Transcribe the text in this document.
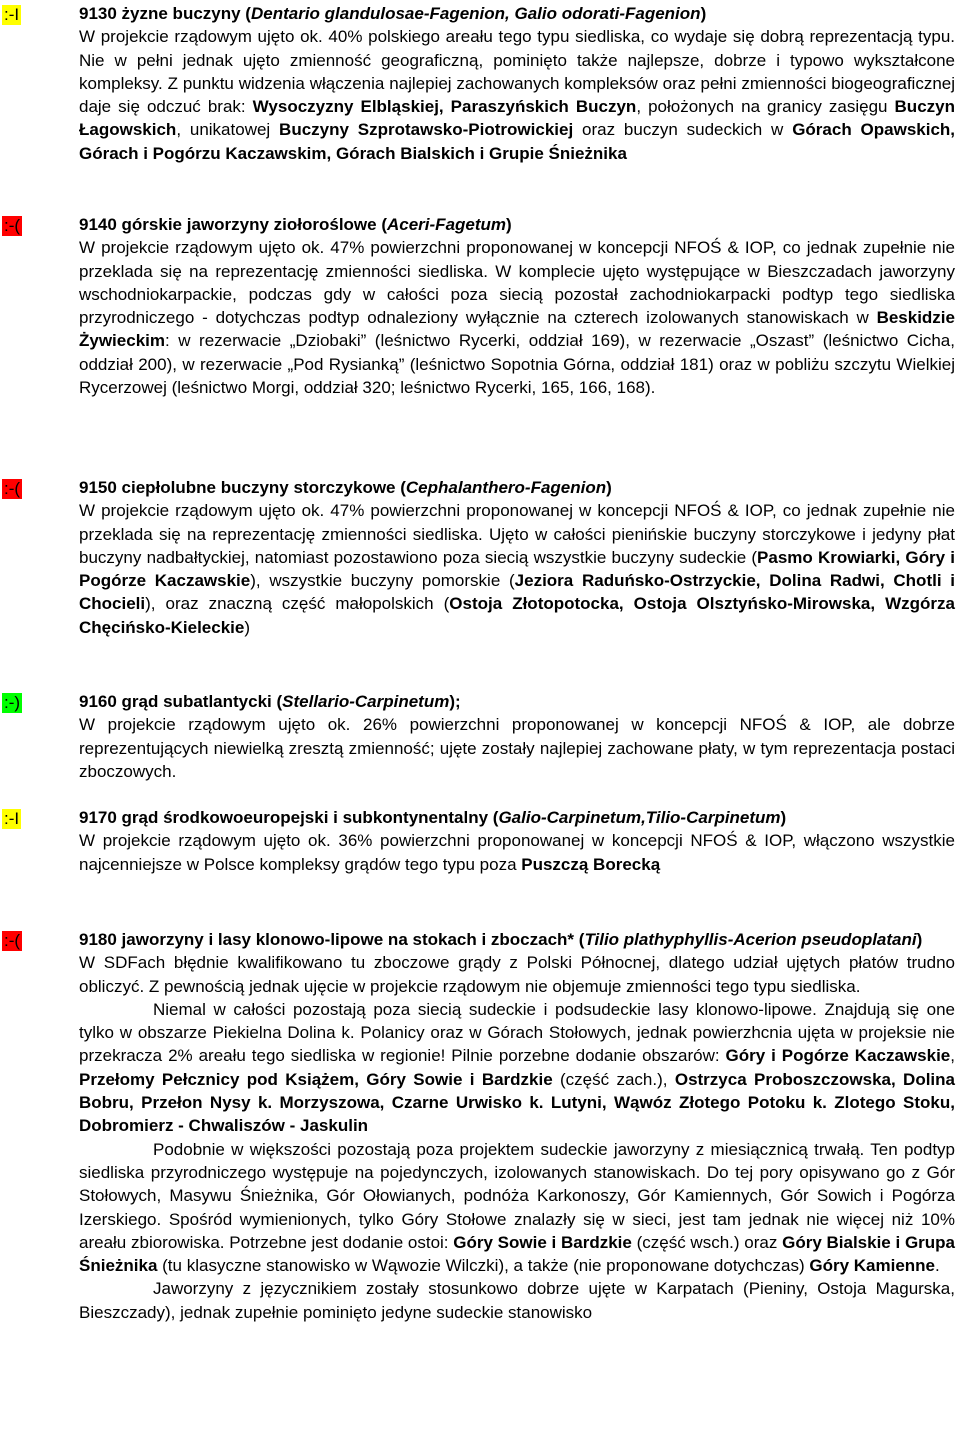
:-I	9130 żyzne buczyny (Dentario glandulosae-Fagenion, Galio odorati-Fagenion)

W projekcie rządowym ujęto ok. 40% polskiego areału tego typu siedliska, co wydaje się dobrą reprezentacją typu. Nie w pełni jednak ujęto zmienność geograficzną, pominięto także najlepsze, dobrze i typowo wykształcone kompleksy. Z punktu widzenia włączenia najlepiej zachowanych kompleksów oraz pełni zmienności biogeograficznej daje się odczuć brak: Wysoczyzny Elbląskiej, Paraszyńskich Buczyn, położonych na granicy zasięgu Buczyn Łagowskich, unikatowej Buczyny Szprotawsko-Piotrowickiej oraz buczyn sudeckich w Górach Opawskich, Górach i Pogórzu Kaczawskim, Górach Bialskich i Grupie Śnieżnika

:-(	9140 górskie jaworzyny ziołoroślowe (Aceri-Fagetum)

W projekcie rządowym ujęto ok. 47% powierzchni proponowanej w koncepcji NFOŚ & IOP, co jednak zupełnie nie przeklada się na reprezentację zmienności siedliska. W komplecie ujęto występujące w Bieszczadach jaworzyny wschodniokarpackie, podczas gdy w całości poza siecią pozostał zachodniokarpacki podtyp tego siedliska przyrodniczego - dotychczas podtyp odnaleziony wyłącznie na czterech izolowanych stanowiskach w Beskidzie Żywieckim: w rezerwacie „Dziobaki” (leśnictwo Rycerki, oddział 169), w rezerwacie „Oszast” (leśnictwo Cicha, oddział 200), w rezerwacie „Pod Rysianką” (leśnictwo Sopotnia Górna, oddział 181) oraz w pobliżu szczytu Wielkiej Rycerzowej (leśnictwo Morgi, oddział 320; leśnictwo Rycerki, 165, 166, 168).

:-(	9150 ciepłolubne buczyny storczykowe (Cephalanthero-Fagenion)

W projekcie rządowym ujęto ok. 47% powierzchni proponowanej w koncepcji NFOŚ & IOP, co jednak zupełnie nie przeklada się na reprezentację zmienności siedliska. Ujęto w całości pienińskie buczyny storczykowe i jedyny płat buczyny nadbałtyckiej, natomiast pozostawiono poza siecią wszystkie buczyny sudeckie (Pasmo Krowiarki, Góry i Pogórze Kaczawskie), wszystkie buczyny pomorskie (Jeziora Raduńsko-Ostrzyckie, Dolina Radwi, Chotli i Chocieli), oraz znaczną część małopolskich (Ostoja Złotopotocka, Ostoja Olsztyńsko-Mirowska, Wzgórza Chęcińsko-Kieleckie)

:-)	9160 grąd subatlantycki (Stellario-Carpinetum);

W projekcie rządowym ujęto ok. 26% powierzchni proponowanej w koncepcji NFOŚ & IOP, ale dobrze reprezentujących niewielką zresztą zmienność; ujęte zostały najlepiej zachowane płaty, w tym reprezentacja postaci zboczowych.

:-I	9170 grąd środkowoeuropejski i subkontynentalny (Galio-Carpinetum,Tilio-Carpinetum)

W projekcie rządowym ujęto ok. 36% powierzchni proponowanej w koncepcji NFOŚ & IOP, włączono wszystkie najcenniejsze w Polsce kompleksy grądów tego typu poza Puszczą Borecką

:-(	9180 jaworzyny i lasy klonowo-lipowe na stokach i zboczach* (Tilio plathyphyllis-Acerion pseudoplatani)

W SDFach błędnie kwalifikowano tu zboczowe grądy z Polski Północnej, dlatego udział ujętych płatów trudno obliczyć. Z pewnością jednak ujęcie w projekcie rządowym nie objemuje zmienności tego typu siedliska.

Niemal w całości pozostają poza siecią sudeckie i podsudeckie lasy klonowo-lipowe. Znajdują się one tylko w obszarze Piekielna Dolina k. Polanicy oraz w Górach Stołowych, jednak powierzhcnia ujęta w projeksie nie przekracza 2% areału tego siedliska w regionie! Pilnie porzebne dodanie obszarów: Góry i Pogórze Kaczawskie, Przełomy Pełcznicy pod Książem, Góry Sowie i Bardzkie (część zach.), Ostrzyca Proboszczowska, Dolina Bobru, Przełon Nysy k. Morzyszowa, Czarne Urwisko k. Lutyni, Wąwóz Złotego Potoku k. Zlotego Stoku, Dobromierz - Chwaliszów - Jaskulin

Podobnie w większości pozostają poza projektem sudeckie jaworzyny z miesiącznicą trwałą. Ten podtyp siedliska przyrodniczego występuje na pojedynczych, izolowanych stanowiskach. Do tej pory opisywano go z Gór Stołowych, Masywu Śnieżnika, Gór Ołowianych, podnóża Karkonoszy, Gór Kamiennych, Gór Sowich i Pogórza Izerskiego. Spośród wymienionych, tylko Góry Stołowe znalazły się w sieci, jest tam jednak nie więcej niż 10% areału zbiorowiska. Potrzebne jest dodanie ostoi: Góry Sowie i Bardzkie (część wsch.) oraz Góry Bialskie i Grupa Śnieżnika (tu klasyczne stanowisko w Wąwozie Wilczki), a także (nie proponowane dotychczas) Góry Kamienne.

Jaworzyny z języcznikiem zostały stosunkowo dobrze ujęte w Karpatach (Pieniny, Ostoja Magurska, Bieszczady), jednak zupełnie pominięto jedyne sudeckie stanowisko
